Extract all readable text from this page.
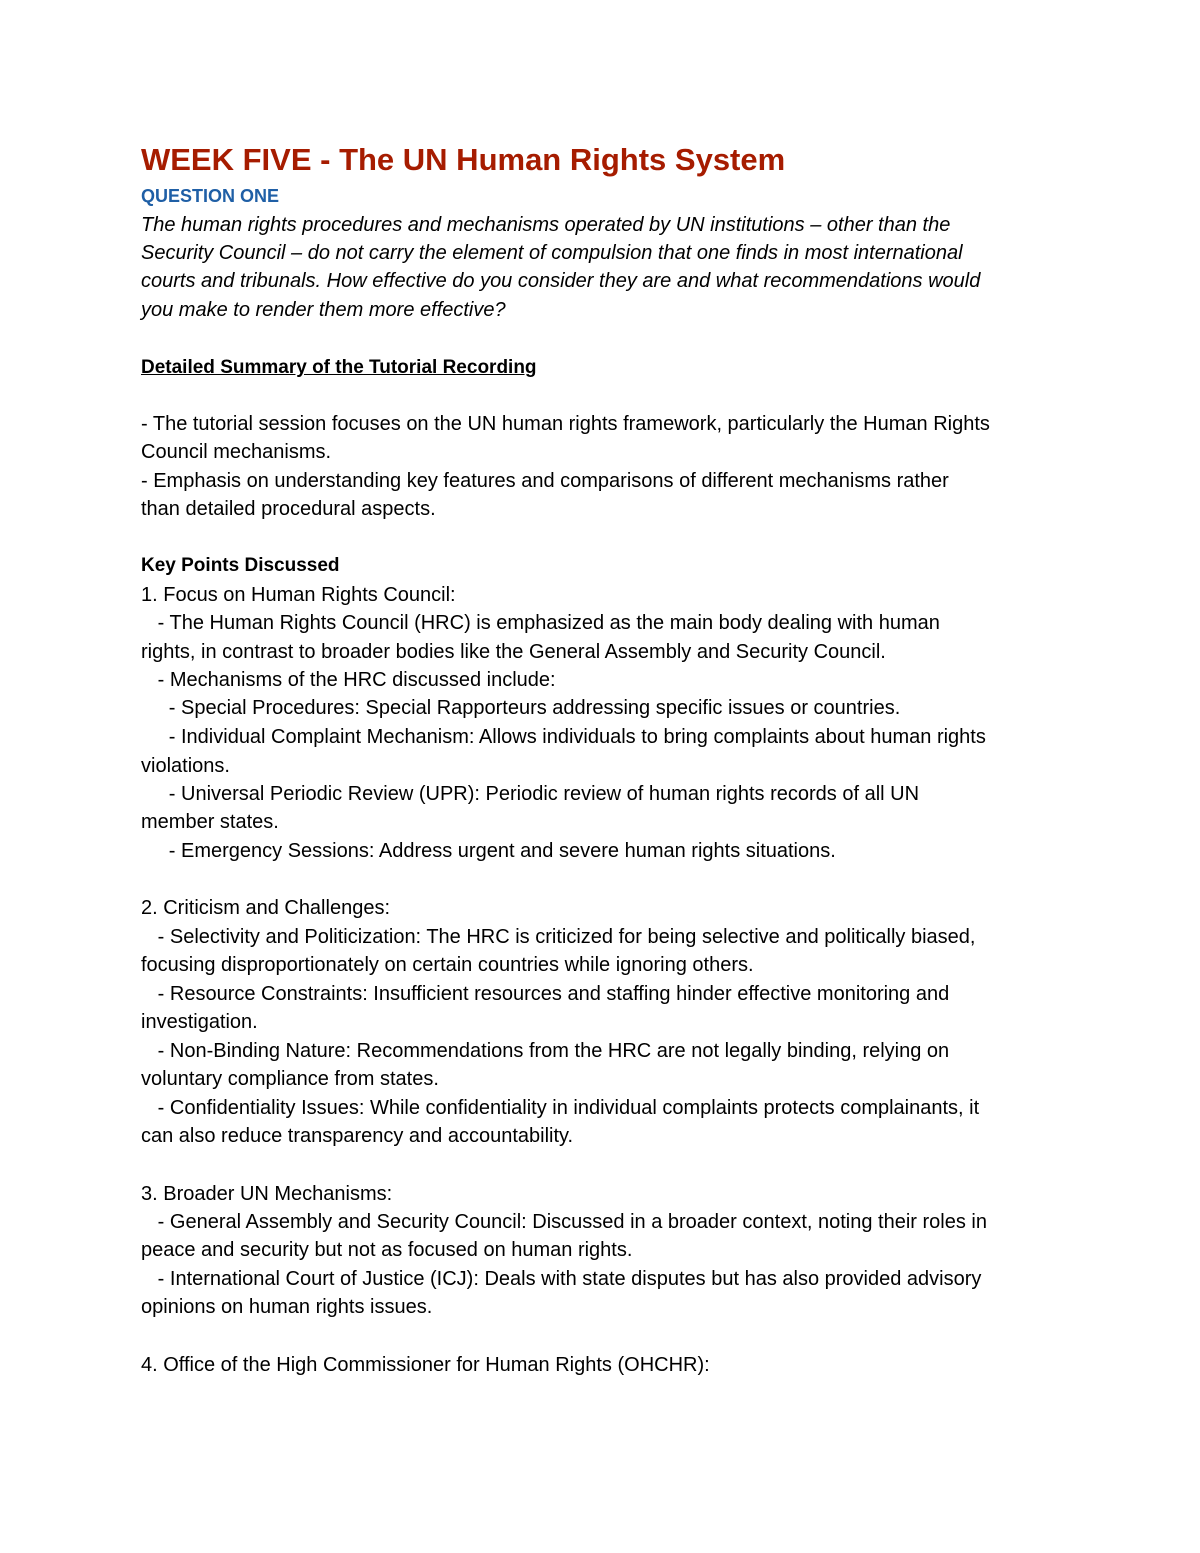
WEEK FIVE - The UN Human Rights System
QUESTION ONE
The human rights procedures and mechanisms operated by UN institutions – other than the
Security Council – do not carry the element of compulsion that one finds in most international
courts and tribunals. How effective do you consider they are and what recommendations would
you make to render them more effective?
Detailed Summary of the Tutorial Recording
- The tutorial session focuses on the UN human rights framework, particularly the Human Rights
Council mechanisms.
- Emphasis on understanding key features and comparisons of different mechanisms rather
than detailed procedural aspects.
Key Points Discussed
1. Focus on Human Rights Council:
- The Human Rights Council (HRC) is emphasized as the main body dealing with human
rights, in contrast to broader bodies like the General Assembly and Security Council.
- Mechanisms of the HRC discussed include:
- Special Procedures: Special Rapporteurs addressing specific issues or countries.
- Individual Complaint Mechanism: Allows individuals to bring complaints about human rights
violations.
- Universal Periodic Review (UPR): Periodic review of human rights records of all UN
member states.
- Emergency Sessions: Address urgent and severe human rights situations.
2. Criticism and Challenges:
- Selectivity and Politicization: The HRC is criticized for being selective and politically biased,
focusing disproportionately on certain countries while ignoring others.
- Resource Constraints: Insufficient resources and staffing hinder effective monitoring and
investigation.
- Non-Binding Nature: Recommendations from the HRC are not legally binding, relying on
voluntary compliance from states.
- Confidentiality Issues: While confidentiality in individual complaints protects complainants, it
can also reduce transparency and accountability.
3. Broader UN Mechanisms:
- General Assembly and Security Council: Discussed in a broader context, noting their roles in
peace and security but not as focused on human rights.
- International Court of Justice (ICJ): Deals with state disputes but has also provided advisory
opinions on human rights issues.
4. Office of the High Commissioner for Human Rights (OHCHR):
